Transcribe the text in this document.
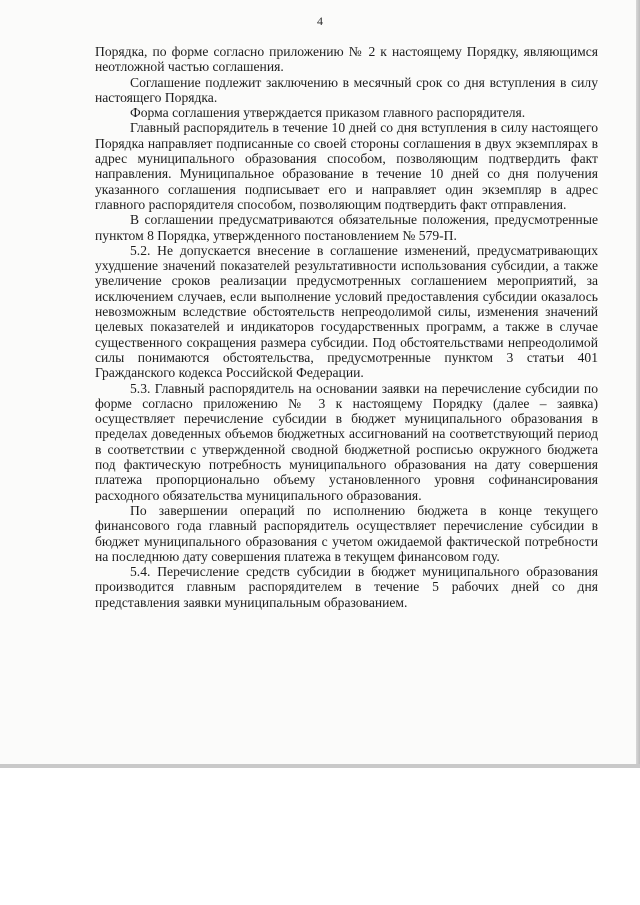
4

Порядка, по форме согласно приложению № 2 к настоящему Порядку, являющимся неотложной частью соглашения.

Соглашение подлежит заключению в месячный срок со дня вступления в силу настоящего Порядка.

Форма соглашения утверждается приказом главного распорядителя.

Главный распорядитель в течение 10 дней со дня вступления в силу настоящего Порядка направляет подписанные со своей стороны соглашения в двух экземплярах в адрес муниципального образования способом, позволяющим подтвердить факт направления. Муниципальное образование в течение 10 дней со дня получения указанного соглашения подписывает его и направляет один экземпляр в адрес главного распорядителя способом, позволяющим подтвердить факт отправления.

В соглашении предусматриваются обязательные положения, предусмотренные пунктом 8 Порядка, утвержденного постановлением № 579-П.

5.2. Не допускается внесение в соглашение изменений, предусматривающих ухудшение значений показателей результативности использования субсидии, а также увеличение сроков реализации предусмотренных соглашением мероприятий, за исключением случаев, если выполнение условий предоставления субсидии оказалось невозможным вследствие обстоятельств непреодолимой силы, изменения значений целевых показателей и индикаторов государственных программ, а также в случае существенного сокращения размера субсидии. Под обстоятельствами непреодолимой силы понимаются обстоятельства, предусмотренные пунктом 3 статьи 401 Гражданского кодекса Российской Федерации.

5.3. Главный распорядитель на основании заявки на перечисление субсидии по форме согласно приложению № 3 к настоящему Порядку (далее – заявка) осуществляет перечисление субсидии в бюджет муниципального образования в пределах доведенных объемов бюджетных ассигнований на соответствующий период в соответствии с утвержденной сводной бюджетной росписью окружного бюджета под фактическую потребность муниципального образования на дату совершения платежа пропорционально объему установленного уровня софинансирования расходного обязательства муниципального образования.

По завершении операций по исполнению бюджета в конце текущего финансового года главный распорядитель осуществляет перечисление субсидии в бюджет муниципального образования с учетом ожидаемой фактической потребности на последнюю дату совершения платежа в текущем финансовом году.

5.4. Перечисление средств субсидии в бюджет муниципального образования производится главным распорядителем в течение 5 рабочих дней со дня представления заявки муниципальным образованием.
